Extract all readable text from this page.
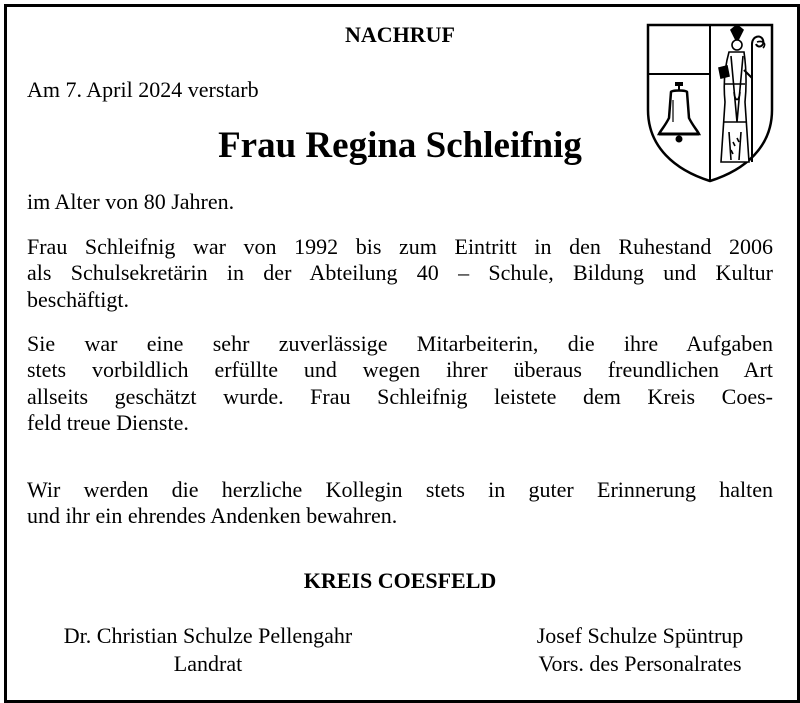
NACHRUF
Am 7. April 2024 verstarb
Frau Regina Schleifnig
im Alter von 80 Jahren.
Frau Schleifnig war von 1992 bis zum Eintritt in den Ruhestand 2006
als Schulsekretärin in der Abteilung 40 – Schule, Bildung und Kultur
beschäftigt.
Sie war eine sehr zuverlässige Mitarbeiterin, die ihre Aufgaben
stets vorbildlich erfüllte und wegen ihrer überaus freundlichen Art
allseits geschätzt wurde. Frau Schleifnig leistete dem Kreis Coes-
feld treue Dienste.
Wir werden die herzliche Kollegin stets in guter Erinnerung halten
und ihr ein ehrendes Andenken bewahren.
KREIS COESFELD
Dr. Christian Schulze Pellengahr
Landrat
Josef Schulze Spüntrup
Vors. des Personalrates
